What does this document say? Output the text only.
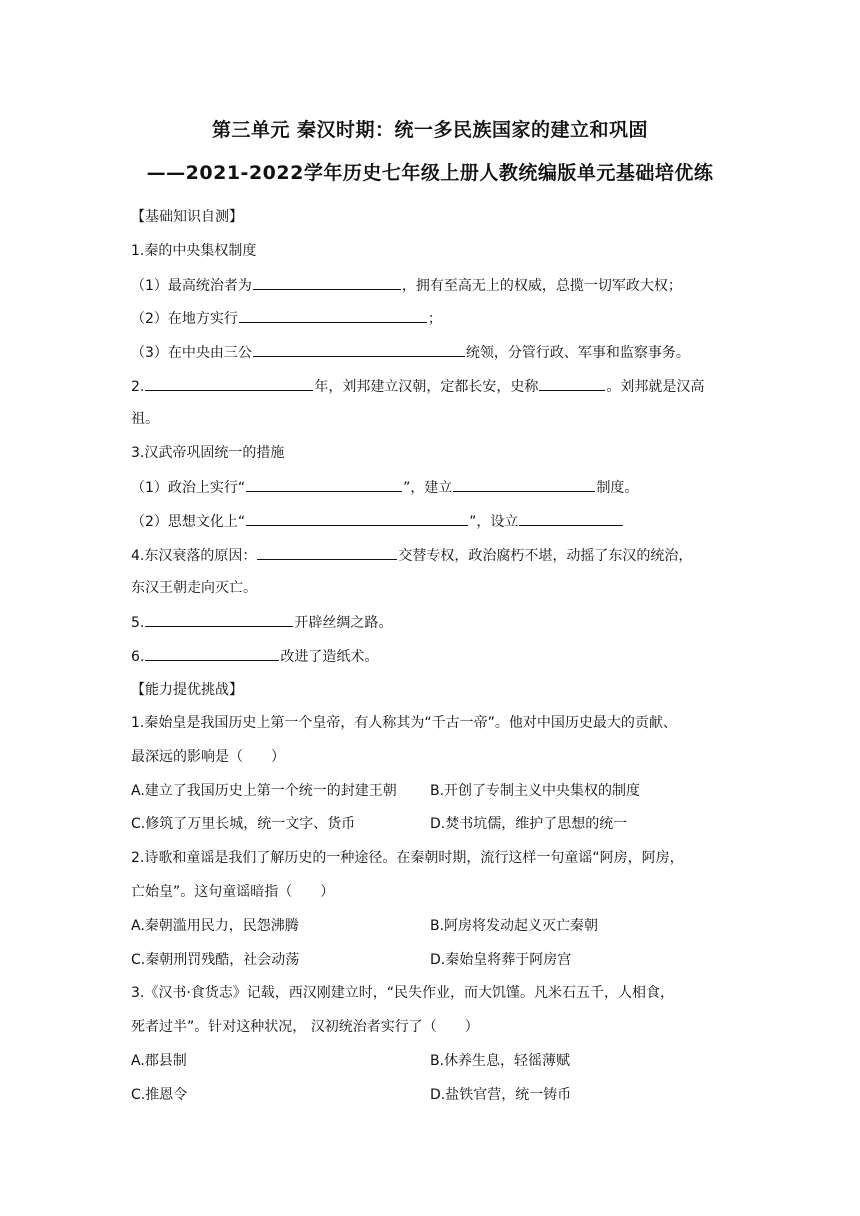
第三单元 秦汉时期：统一多民族国家的建立和巩固
——2021-2022学年历史七年级上册人教统编版单元基础培优练
【基础知识自测】
1.秦的中央集权制度
（1）最高统治者为	，拥有至高无上的权威，总揽一切军政大权；
（2）在地方实行	；
（3）在中央由三公	统领，分管行政、军事和监察事务。
2.	年，刘邦建立汉朝，定都长安，史称	。刘邦就是汉高
祖。
3.汉武帝巩固统一的措施
（1）政治上实行“	”，建立	制度。
（2）思想文化上“	”，设立
4.东汉衰落的原因：	交替专权，政治腐朽不堪，动摇了东汉的统治，
东汉王朝走向灭亡。
5.	开辟丝绸之路。
6.	改进了造纸术。
【能力提优挑战】
1.秦始皇是我国历史上第一个皇帝，有人称其为“千古一帝”。他对中国历史最大的贡献、
最深远的影响是（　　）
A.建立了我国历史上第一个统一的封建王朝 B.开创了专制主义中央集权的制度
C.修筑了万里长城，统一文字、货币	D.焚书坑儒，维护了思想的统一
2.诗歌和童谣是我们了解历史的一种途径。在秦朝时期，流行这样一句童谣“阿房，阿房，
亡始皇”。这句童谣暗指（　　）
A.秦朝滥用民力，民怨沸腾	B.阿房将发动起义灭亡秦朝
C.秦朝刑罚残酷，社会动荡	D.秦始皇将葬于阿房宫
3.《汉书·食货志》记载，西汉刚建立时，“民失作业，而大饥馑。凡米石五千，人相食，
死者过半”。针对这种状况， 汉初统治者实行了（　　）
A.郡县制	B.休养生息，轻徭薄赋
C.推恩令	D.盐铁官营，统一铸币
